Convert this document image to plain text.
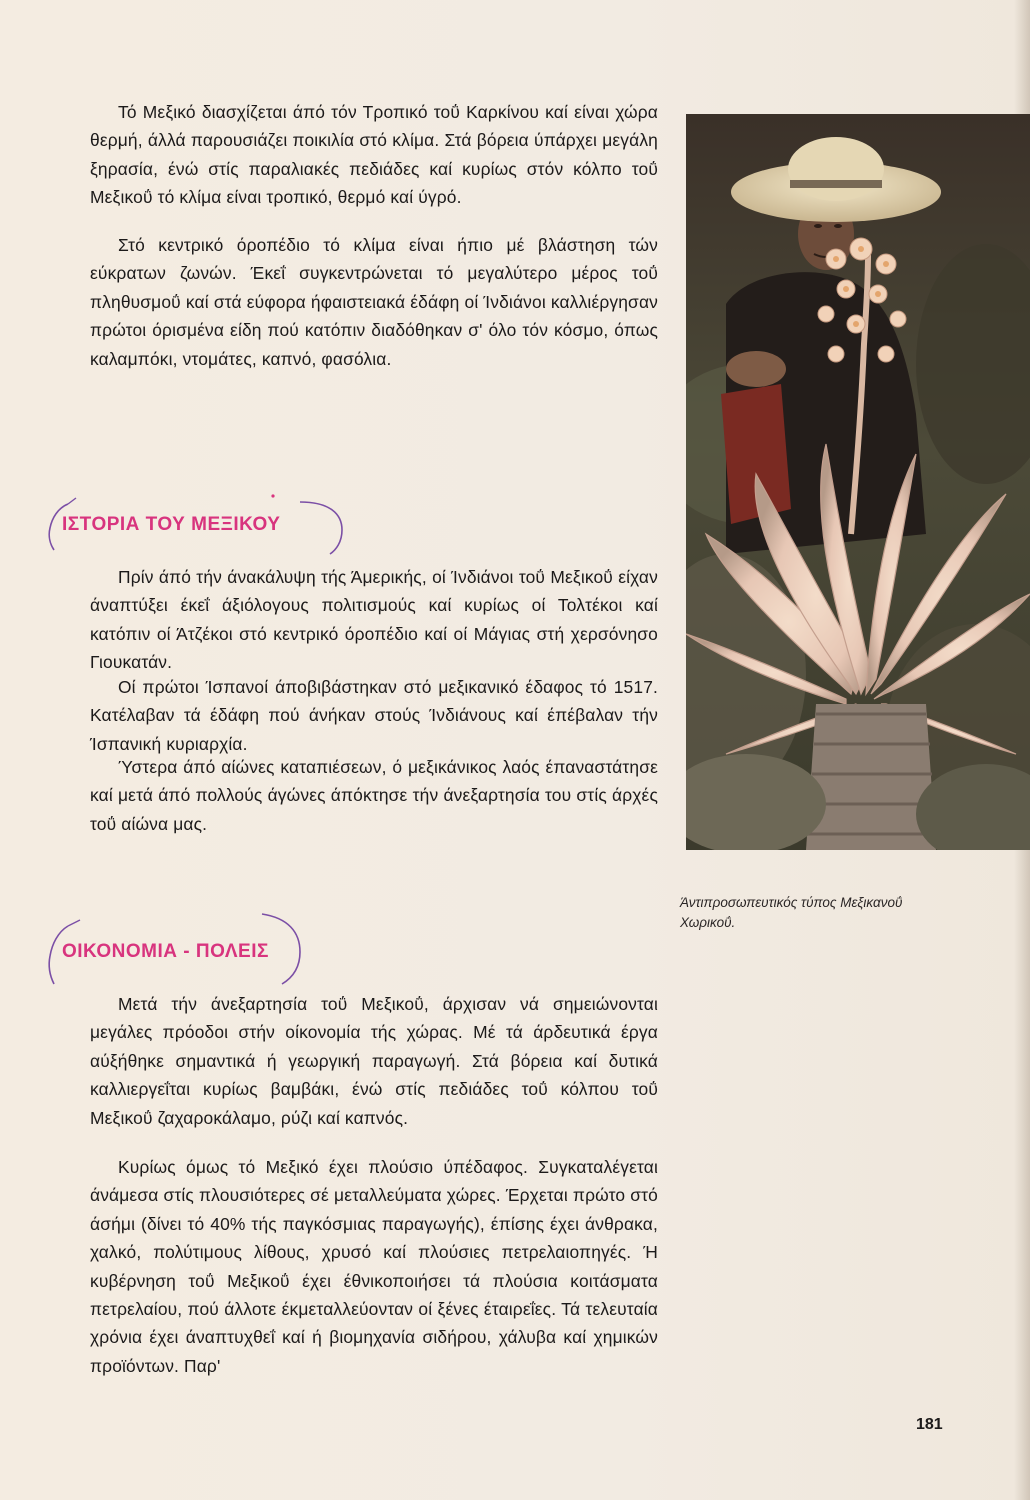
Τό Μεξικό διασχίζεται άπό τόν Τροπικό τοΰ Καρκίνου καί είναι χώρα θερμή, άλλά παρουσιάζει ποικιλία στό κλίμα. Στά βόρεια ύπάρχει μεγάλη ξηρασία, ένώ στίς παραλιακές πεδιάδες καί κυρίως στόν κόλπο τοΰ Μεξικοΰ τό κλίμα είναι τροπικό, θερμό καί ύγρό.

Στό κεντρικό όροπέδιο τό κλίμα είναι ήπιο μέ βλάστηση τών εύκρατων ζωνών. Έκεΐ συγκεντρώνεται τό μεγαλύτερο μέρος τοΰ πληθυσμοΰ καί στά εύφορα ήφαιστειακά έδάφη οί Ίνδιάνοι καλλιέργησαν πρώτοι όρισμένα είδη πού κατόπιν διαδόθηκαν σ' όλο τόν κόσμο, όπως καλαμπόκι, ντομάτες, καπνό, φασόλια.

ΙΣΤΟΡΙΑ ΤΟΥ ΜΕΞΙΚΟΥ

Πρίν άπό τήν άνακάλυψη τής Άμερικής, οί Ίνδιάνοι τοΰ Μεξικοΰ είχαν άναπτύξει έκεΐ άξιόλογους πολιτισμούς καί κυρίως οί Τολτέκοι καί κατόπιν οί Άτζέκοι στό κεντρικό όροπέδιο καί οί Μάγιας στή χερσόνησο Γιουκατάν.

Οί πρώτοι Ίσπανοί άποβιβάστηκαν στό μεξικανικό έδαφος τό 1517. Κατέλαβαν τά έδάφη πού άνήκαν στούς Ίνδιάνους καί έπέβαλαν τήν Ίσπανική κυριαρχία.

Ύστερα άπό αίώνες καταπιέσεων, ό μεξικάνικος λαός έπαναστάτησε καί μετά άπό πολλούς άγώνες άπόκτησε τήν άνεξαρτησία του στίς άρχές τοΰ αίώνα μας.

ΟΙΚΟΝΟΜΙΑ - ΠΟΛΕΙΣ

Μετά τήν άνεξαρτησία τοΰ Μεξικοΰ, άρχισαν νά σημειώνονται μεγάλες πρόοδοι στήν οίκονομία τής χώρας. Μέ τά άρδευτικά έργα αύξήθηκε σημαντικά ή γεωργική παραγωγή. Στά βόρεια καί δυτικά καλλιεργεΐται κυρίως βαμβάκι, ένώ στίς πεδιάδες τοΰ κόλπου τοΰ Μεξικοΰ ζαχαροκάλαμο, ρύζι καί καπνός.

Κυρίως όμως τό Μεξικό έχει πλούσιο ύπέδαφος. Συγκαταλέγεται άνάμεσα στίς πλουσιότερες σέ μεταλλεύματα χώρες. Έρχεται πρώτο στό άσήμι (δίνει τό 40% τής παγκόσμιας παραγωγής), έπίσης έχει άνθρακα, χαλκό, πολύτιμους λίθους, χρυσό καί πλούσιες πετρελαιοπηγές. Ή κυβέρνηση τοΰ Μεξικοΰ έχει έθνικοποιήσει τά πλούσια κοιτάσματα πετρελαίου, πού άλλοτε έκμεταλλεύονταν οί ξένες έταιρεΐες. Τά τελευταία χρόνια έχει άναπτυχθεΐ καί ή βιομηχανία σιδήρου, χάλυβα καί χημικών προϊόντων. Παρ'

Άντιπροσωπευτικός τύπος Μεξικανοΰ Χωρικοΰ.
181
